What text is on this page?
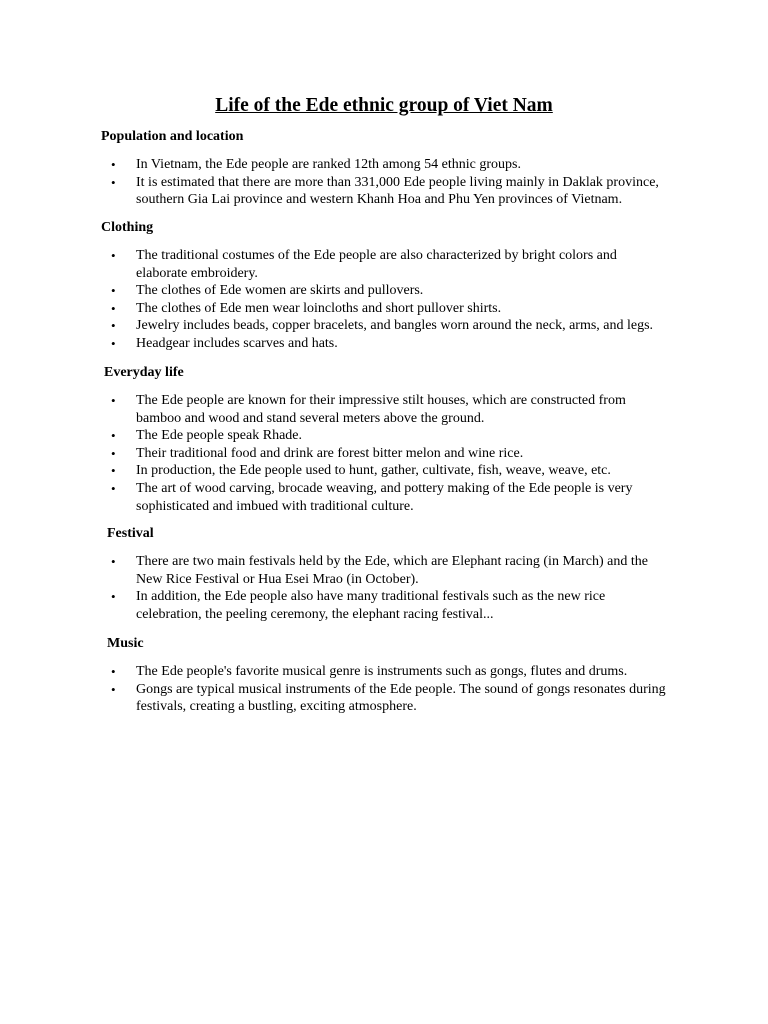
Life of the Ede ethnic group of Viet Nam
Population and location
• In Vietnam, the Ede people are ranked 12th among 54 ethnic groups.
• It is estimated that there are more than 331,000 Ede people living mainly in Daklak province, southern Gia Lai province and western Khanh Hoa and Phu Yen provinces of Vietnam.
Clothing
• The traditional costumes of the Ede people are also characterized by bright colors and elaborate embroidery.
• The clothes of Ede women are skirts and pullovers.
• The clothes of Ede men wear loincloths and short pullover shirts.
• Jewelry includes beads, copper bracelets, and bangles worn around the neck, arms, and legs.
• Headgear includes scarves and hats.
Everyday life
• The Ede people are known for their impressive stilt houses, which are constructed from bamboo and wood and stand several meters above the ground.
• The Ede people speak Rhade.
• Their traditional food and drink are forest bitter melon and wine rice.
• In production, the Ede people used to hunt, gather, cultivate, fish, weave, weave, etc.
• The art of wood carving, brocade weaving, and pottery making of the Ede people is very sophisticated and imbued with traditional culture.
Festival
• There are two main festivals held by the Ede, which are Elephant racing (in March) and the New Rice Festival or Hua Esei Mrao (in October).
• In addition, the Ede people also have many traditional festivals such as the new rice celebration, the peeling ceremony, the elephant racing festival...
Music
• The Ede people's favorite musical genre is instruments such as gongs, flutes and drums.
• Gongs are typical musical instruments of the Ede people. The sound of gongs resonates during festivals, creating a bustling, exciting atmosphere.
